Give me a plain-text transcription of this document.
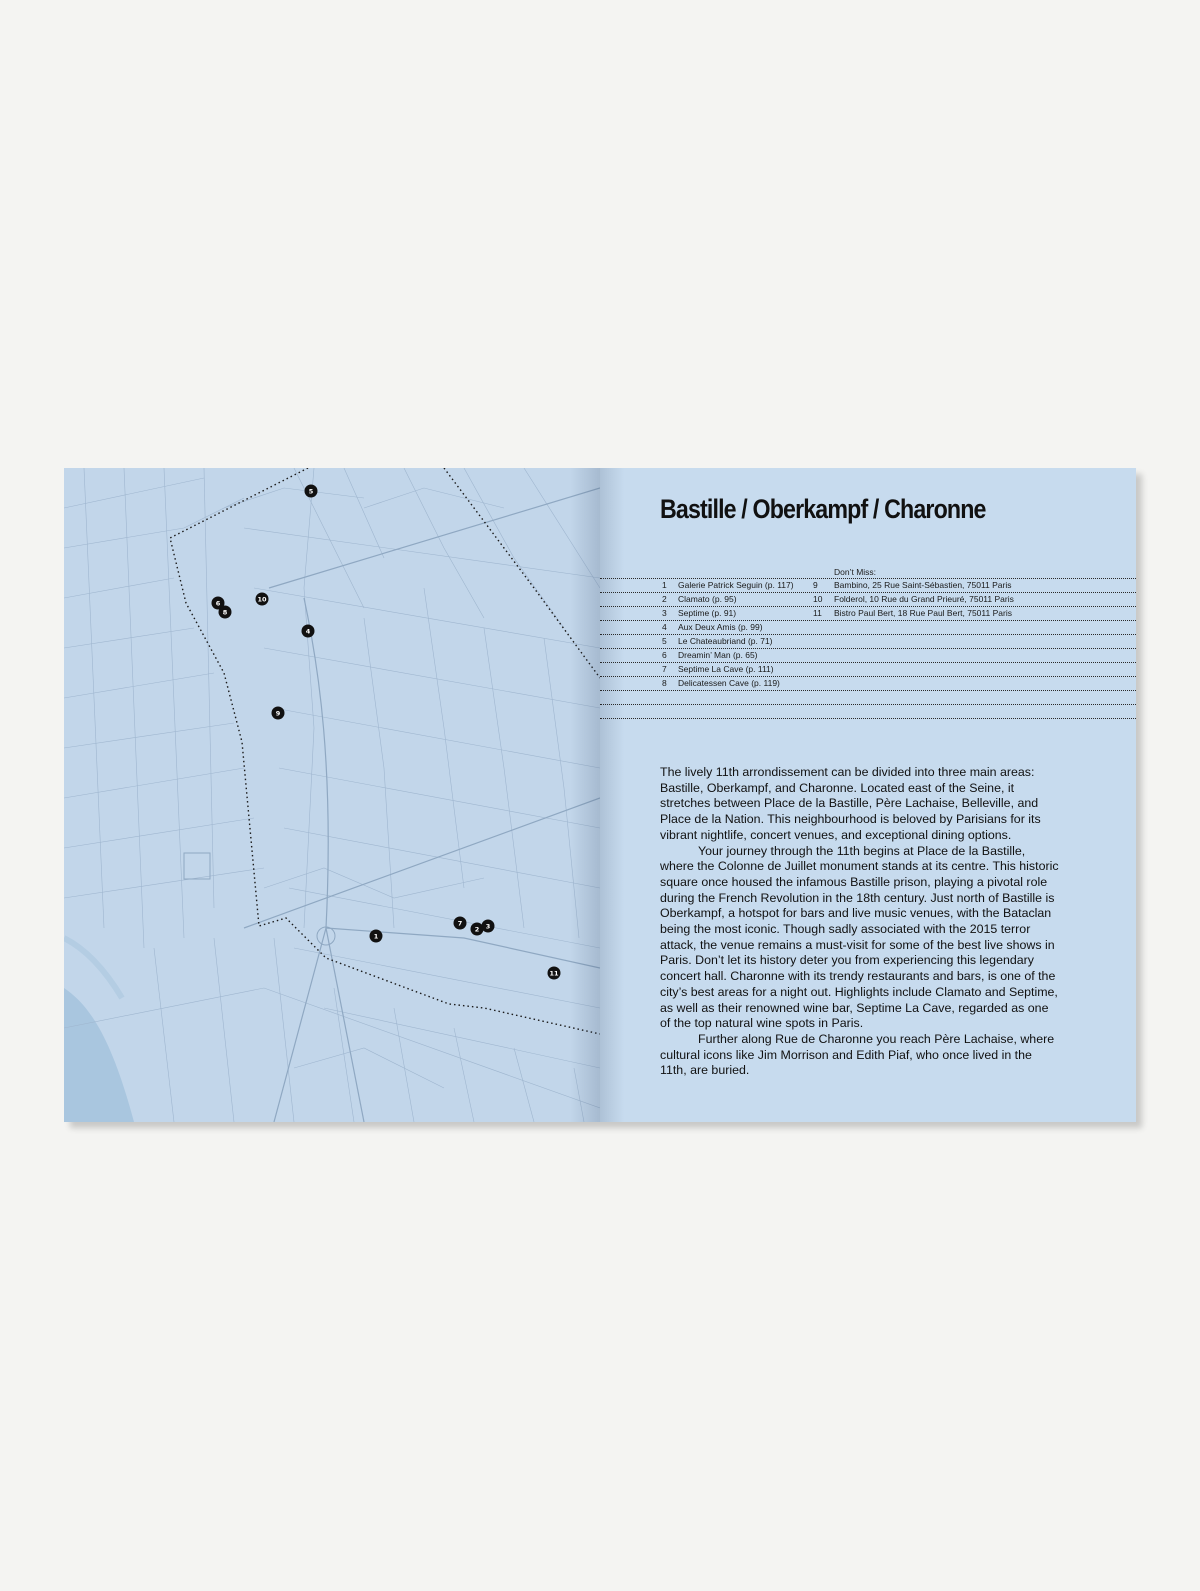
5
10
6
8
4
9
1
7
2 3
11
Bastille / Oberkampf / Charonne
Don’t Miss:
1 Galerie Patrick Seguin (p. 117) 9 Bambino, 25 Rue Saint-Sébastien, 75011 Paris
2 Clamato (p. 95)	10 Folderol, 10 Rue du Grand Prieuré, 75011 Paris
3 Septime (p. 91)	11 Bistro Paul Bert, 18 Rue Paul Bert, 75011 Paris
4 Aux Deux Amis (p. 99)
5 Le Chateaubriand (p. 71)
6 Dreamin’ Man (p. 65)
7 Septime La Cave (p. 111)
8 Delicatessen Cave (p. 119)

The lively 11th arrondissement can be divided into three main areas: Bastille, Oberkampf, and Charonne. Located east of the Seine, it stretches between Place de la Bastille, Père Lachaise, Belleville, and Place de la Nation. This neighbourhood is beloved by Parisians for its vibrant nightlife, concert venues, and exceptional dining options.

Your journey through the 11th begins at Place de la Bastille, where the Colonne de Juillet monument stands at its centre. This historic square once housed the infamous Bastille prison, playing a pivotal role during the French Revolution in the 18th century. Just north of Bastille is Oberkampf, a hotspot for bars and live music venues, with the Bataclan being the most iconic. Though sadly associated with the 2015 terror attack, the venue remains a must-visit for some of the best live shows in Paris. Don’t let its history deter you from experiencing this legendary concert hall. Charonne with its trendy restaurants and bars, is one of the city’s best areas for a night out. Highlights include Clamato and Septime, as well as their renowned wine bar, Septime La Cave, regarded as one of the top natural wine spots in Paris.

Further along Rue de Charonne you reach Père Lachaise, where cultural icons like Jim Morrison and Edith Piaf, who once lived in the 11th, are buried.
